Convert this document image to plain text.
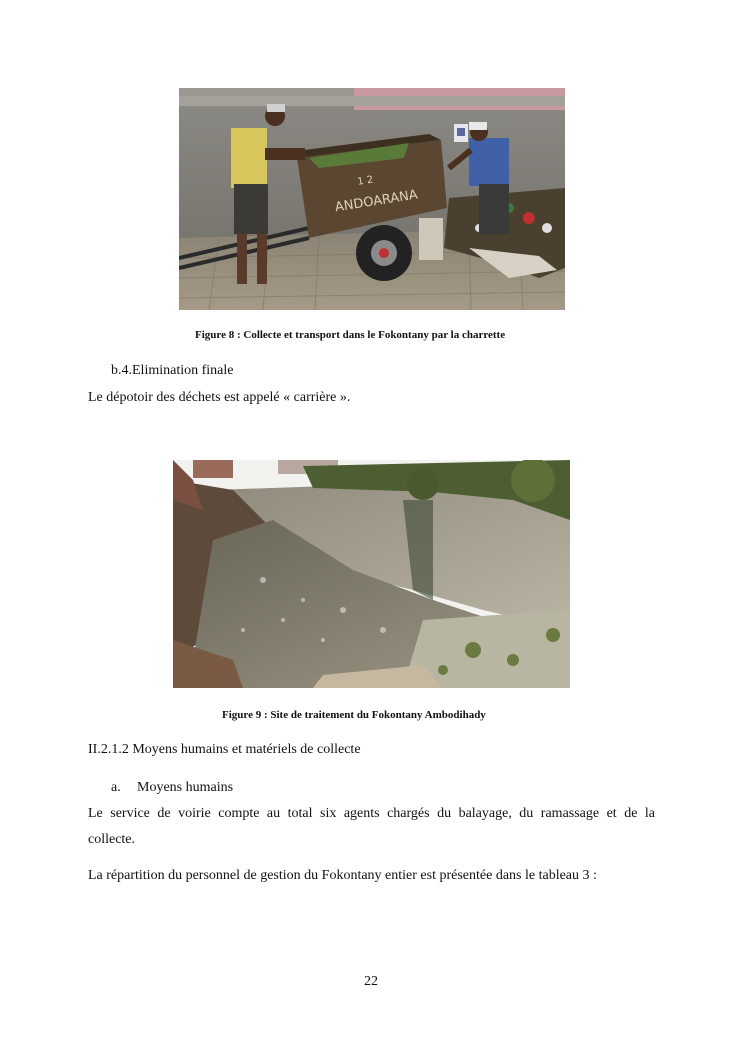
ANDOARANA
1 2
Figure 8 : Collecte et transport dans le Fokontany par la charrette
b.4.Elimination finale
Le dépotoir des déchets est appelé « carrière ».
Figure 9 : Site de traitement du Fokontany Ambodihady
II.2.1.2 Moyens humains et matériels de collecte
a. Moyens humains
Le service de voirie compte au total six agents chargés du balayage, du ramassage et de la
collecte.
La répartition du personnel de gestion du Fokontany entier est présentée dans le tableau 3 :
22
